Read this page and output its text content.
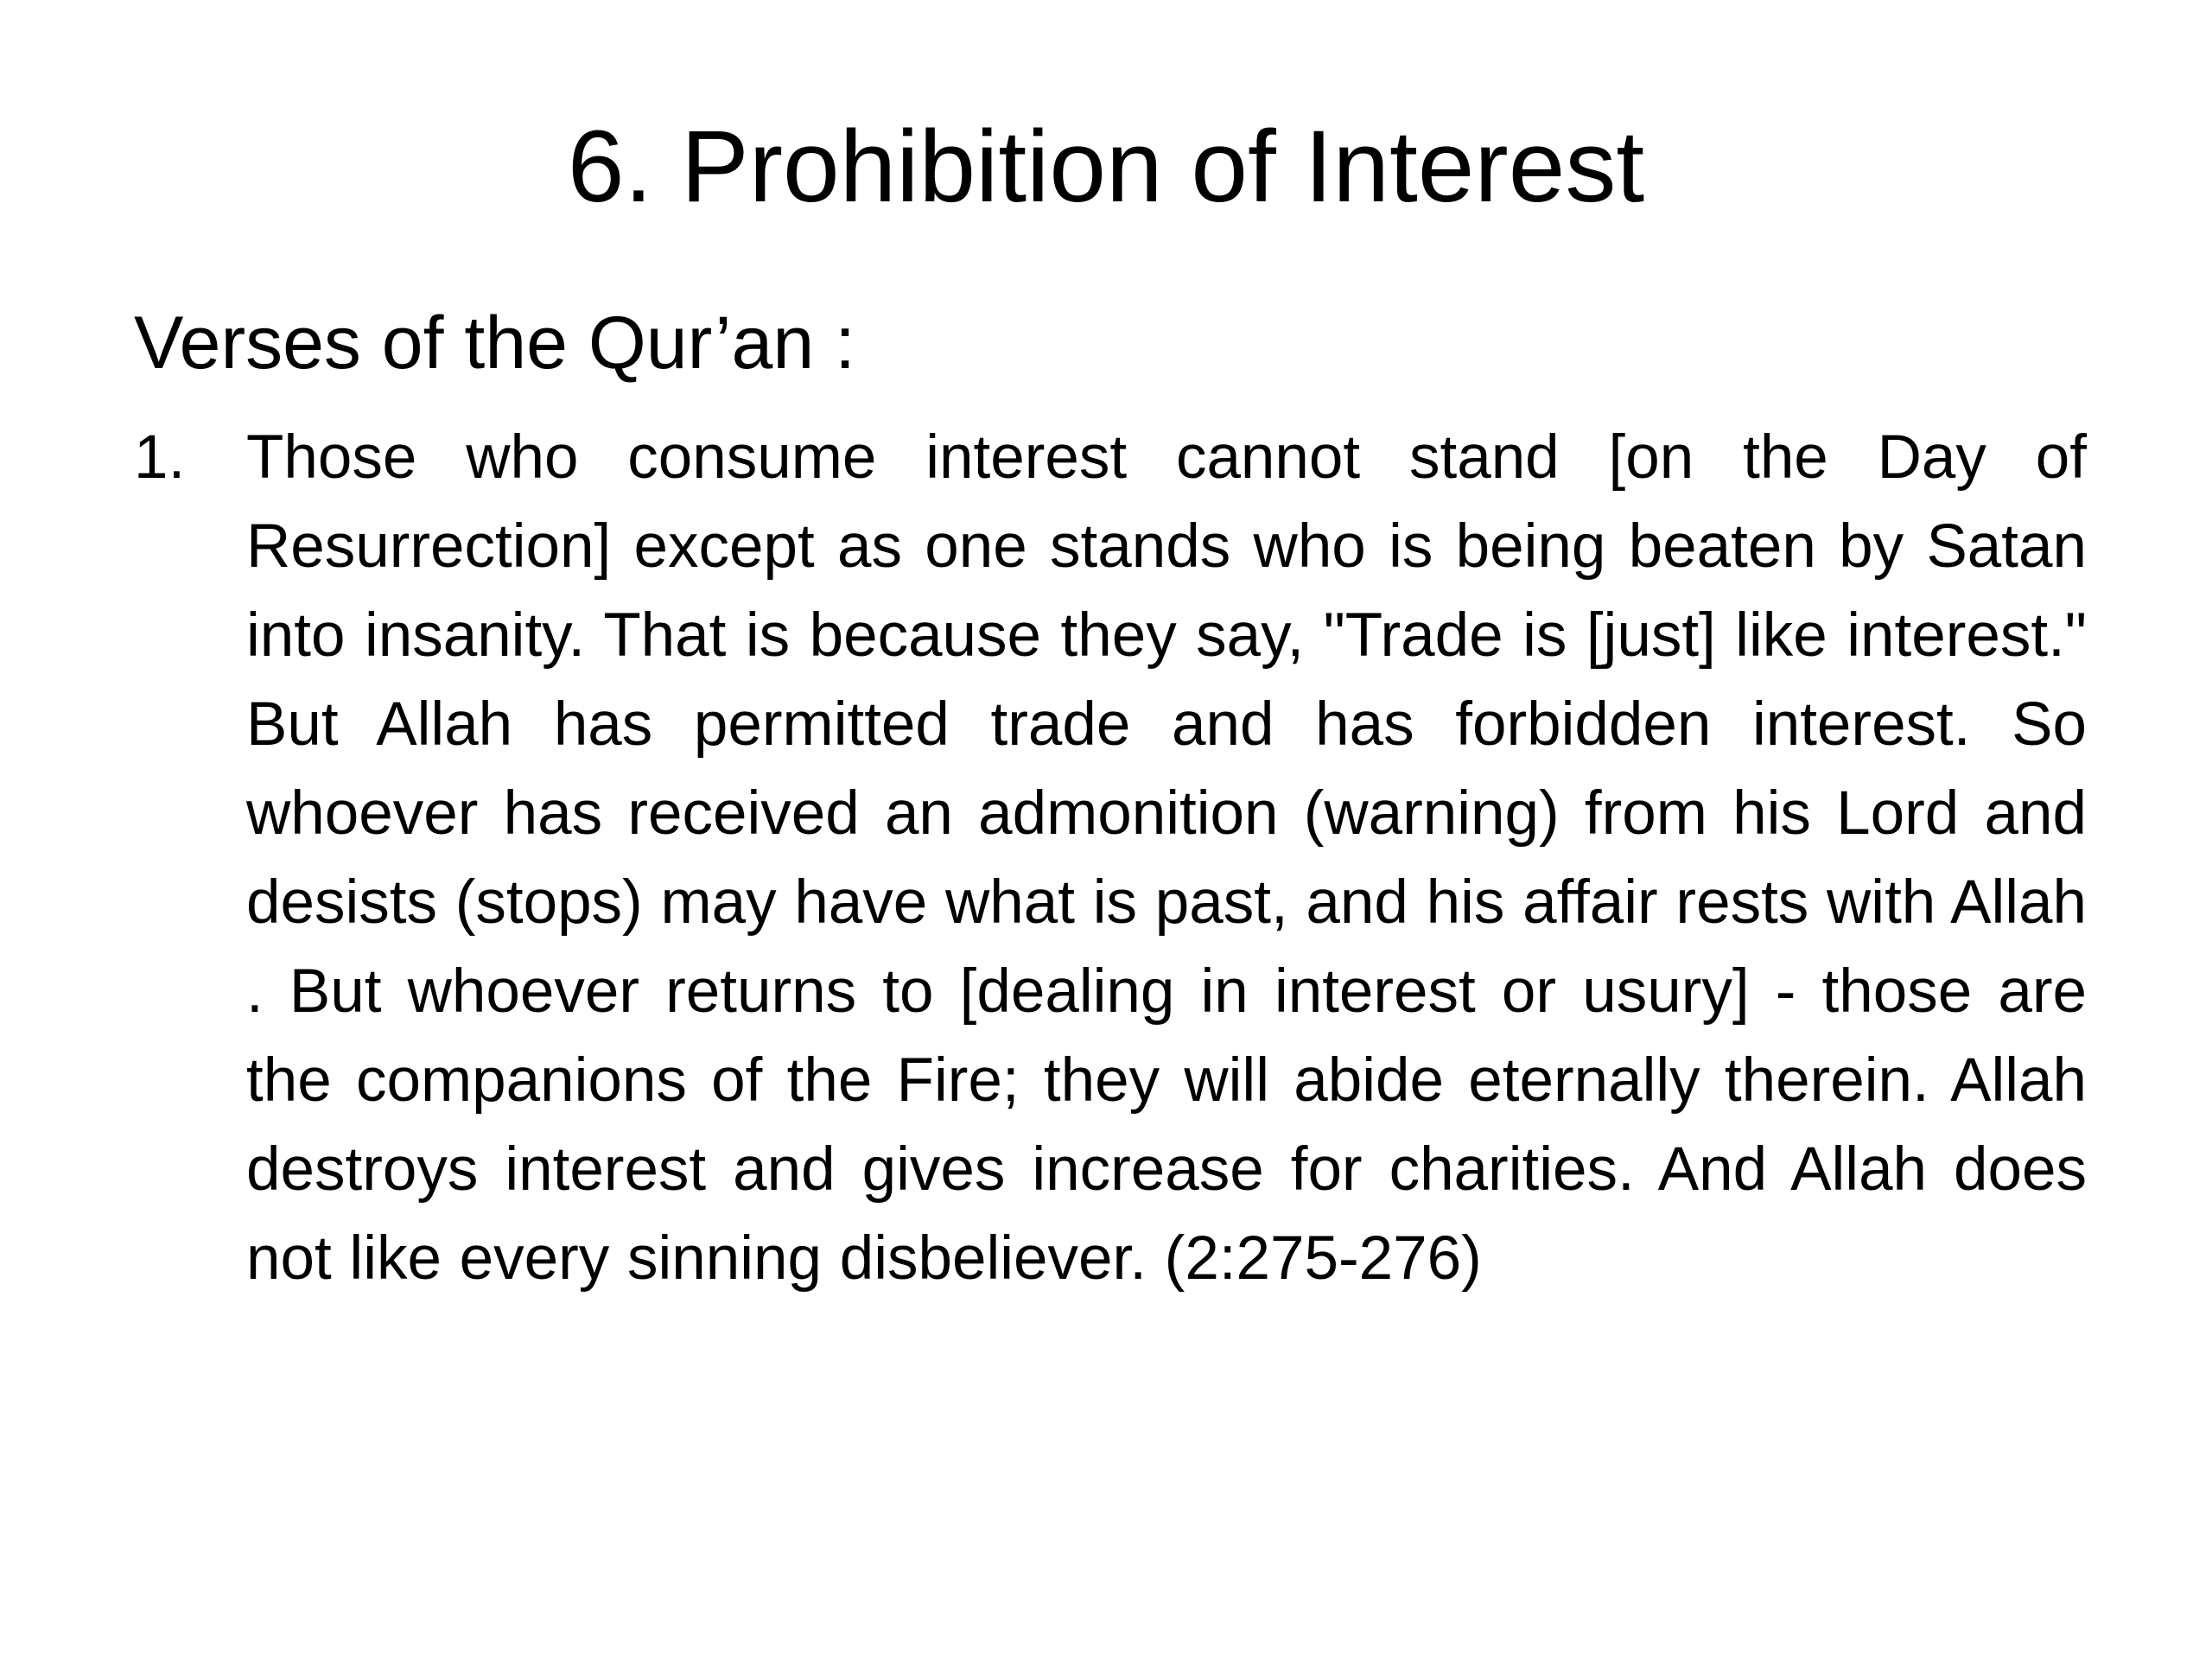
6. Prohibition of Interest

Verses of the Qur’an :

1. Those who consume interest cannot stand [on the Day of Resurrection] except as one stands who is being beaten by Satan into insanity. That is because they say, "Trade is [just] like interest." But Allah has permitted trade and has forbidden interest. So whoever has received an admonition (warning) from his Lord and desists (stops) may have what is past, and his affair rests with Allah . But whoever returns to [dealing in interest or usury] - those are the companions of the Fire; they will abide eternally therein. Allah destroys interest and gives increase for charities. And Allah does not like every sinning disbeliever. (2:275-276)
